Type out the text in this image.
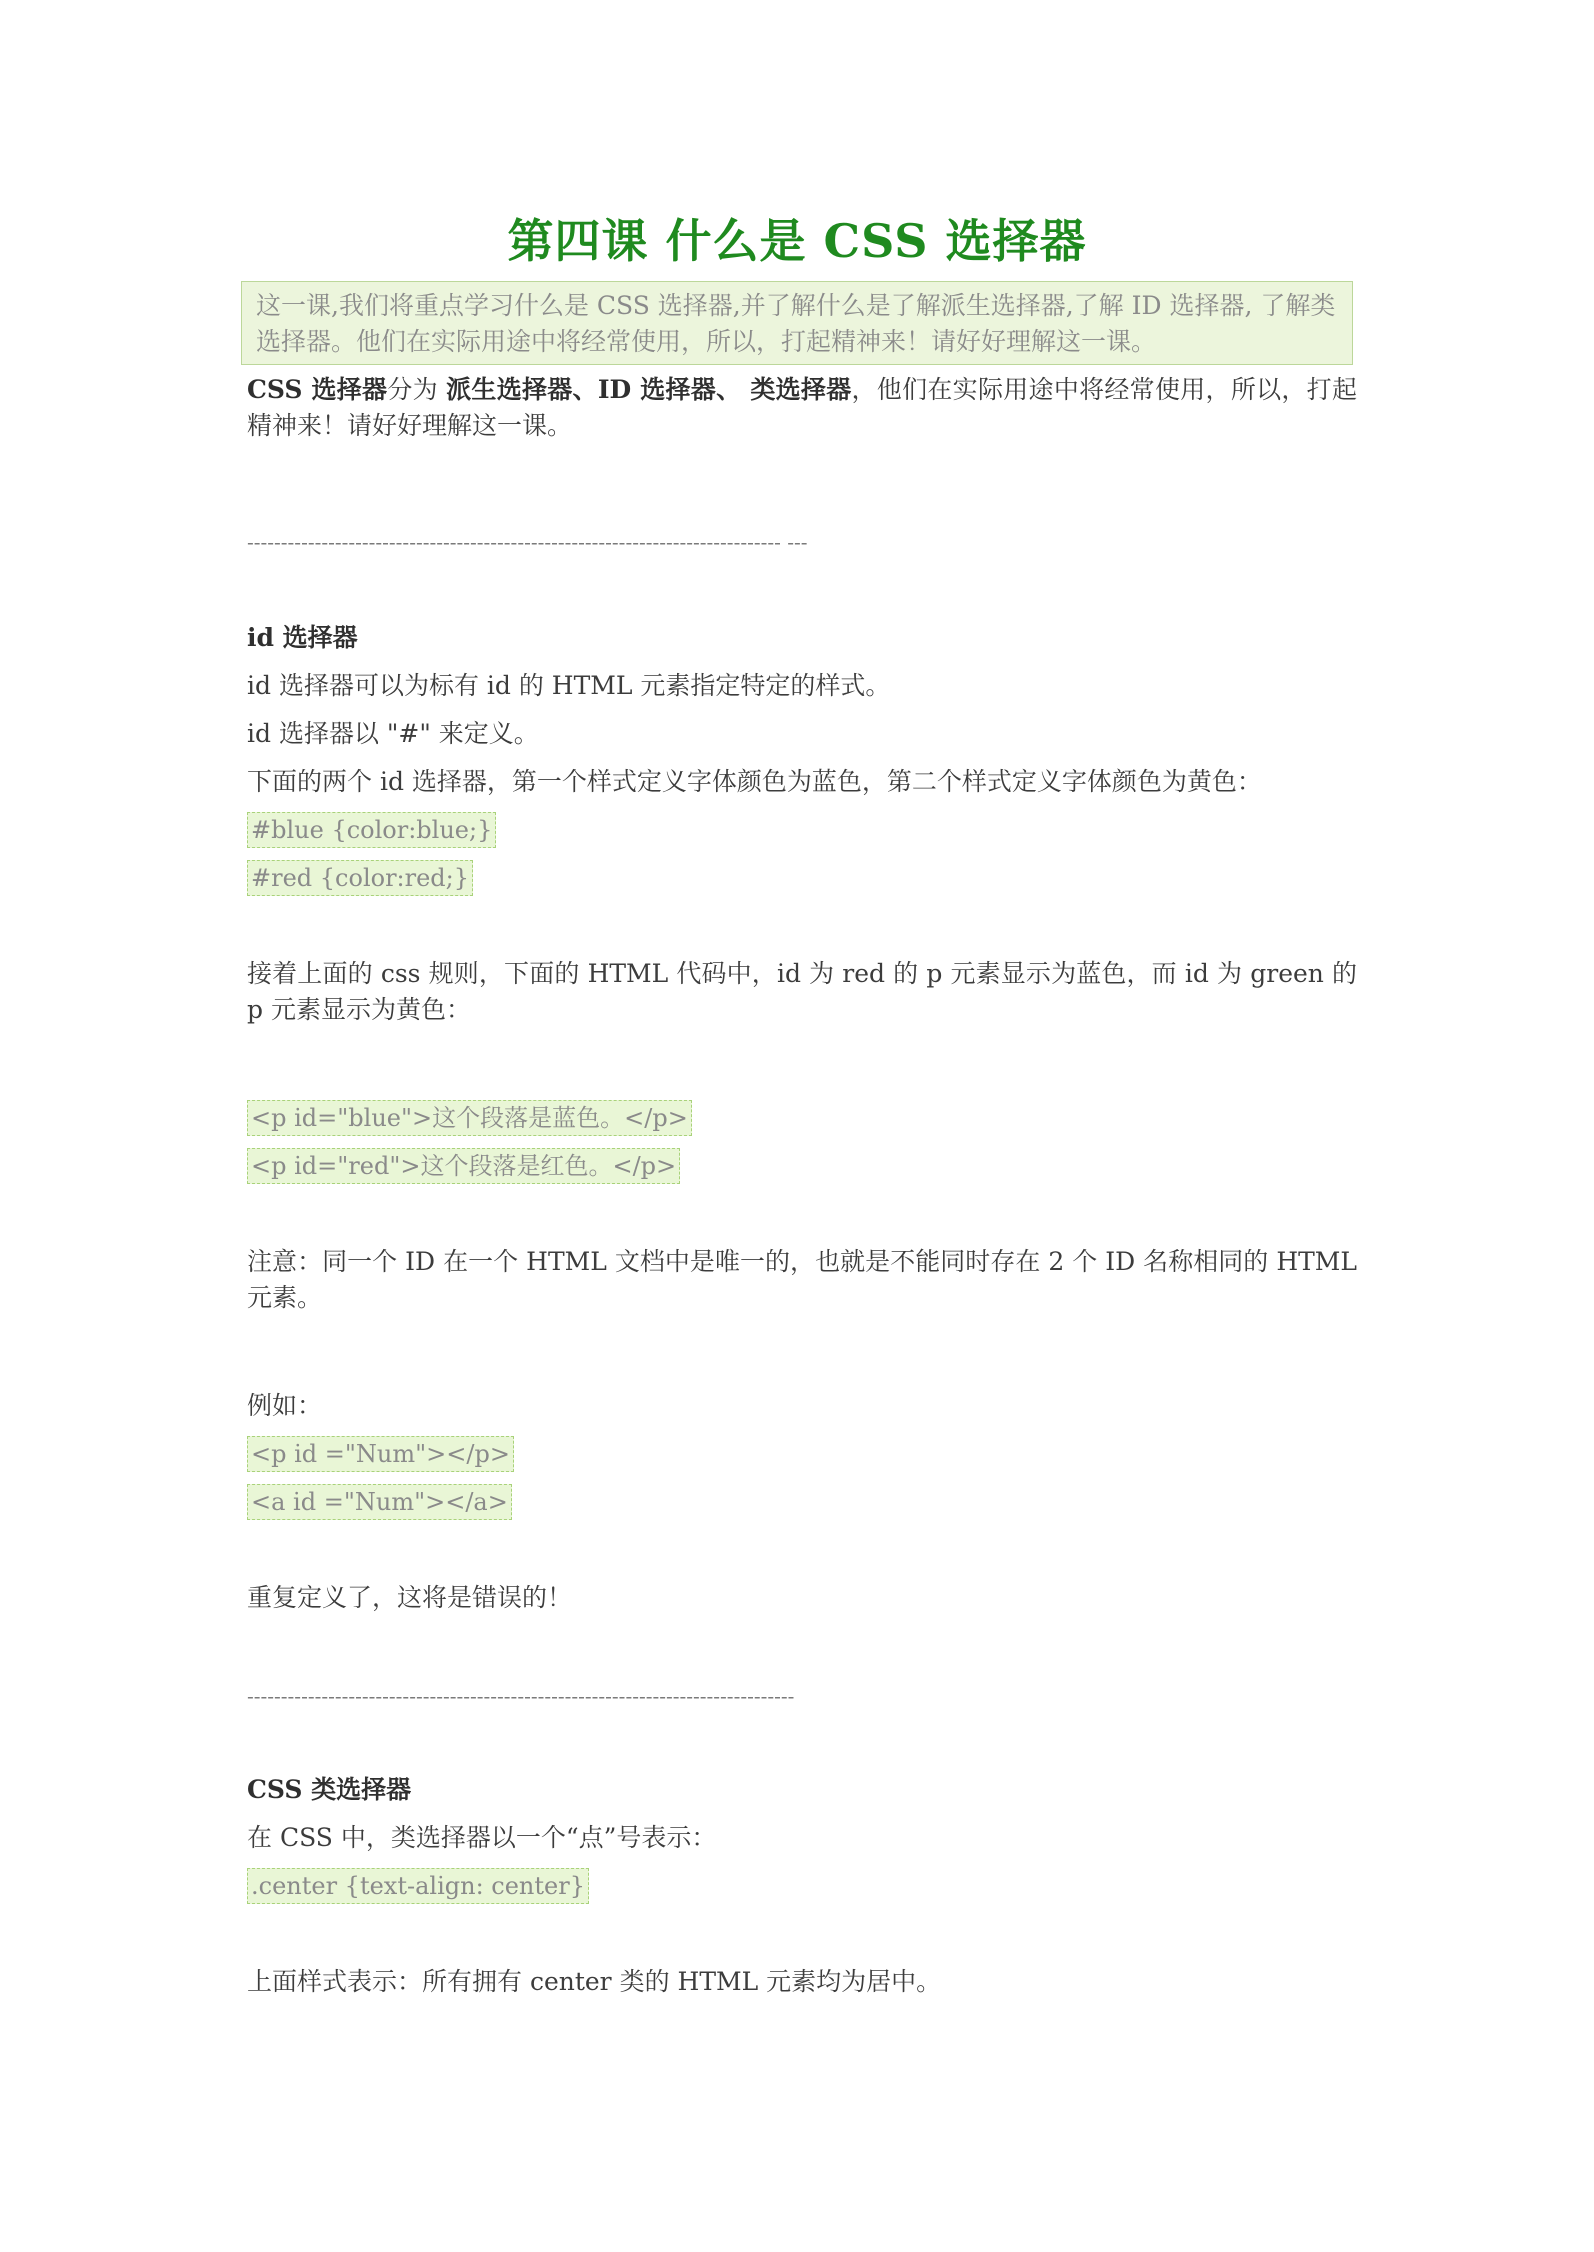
第四课 什么是 CSS 选择器
这一课,我们将重点学习什么是 CSS 选择器,并了解什么是了解派生选择器,了解 ID 选择器, 了解类选择器。他们在实际用途中将经常使用，所以，打起精神来！请好好理解这一课。
CSS 选择器分为 派生选择器、ID 选择器、 类选择器，他们在实际用途中将经常使用，所以，打起精神来！请好好理解这一课。
------------------------------------------------------------------------------- ---
id 选择器
id 选择器可以为标有 id 的 HTML 元素指定特定的样式。
id 选择器以 "#" 来定义。
下面的两个 id 选择器，第一个样式定义字体颜色为蓝色，第二个样式定义字体颜色为黄色：
#blue {color:blue;}
#red {color:red;}
接着上面的 css 规则，下面的 HTML 代码中，id 为 red 的 p 元素显示为蓝色，而 id 为 green 的 p 元素显示为黄色：
<p id="blue">这个段落是蓝色。</p>
<p id="red">这个段落是红色。</p>
注意：同一个 ID 在一个 HTML 文档中是唯一的，也就是不能同时存在 2 个 ID 名称相同的 HTML 元素。
例如：
<p id ="Num"></p>
<a id ="Num"></a>
重复定义了，这将是错误的！
---------------------------------------------------------------------------------
CSS 类选择器
在 CSS 中，类选择器以一个“点”号表示：
.center {text-align: center}
上面样式表示：所有拥有 center 类的 HTML 元素均为居中。
